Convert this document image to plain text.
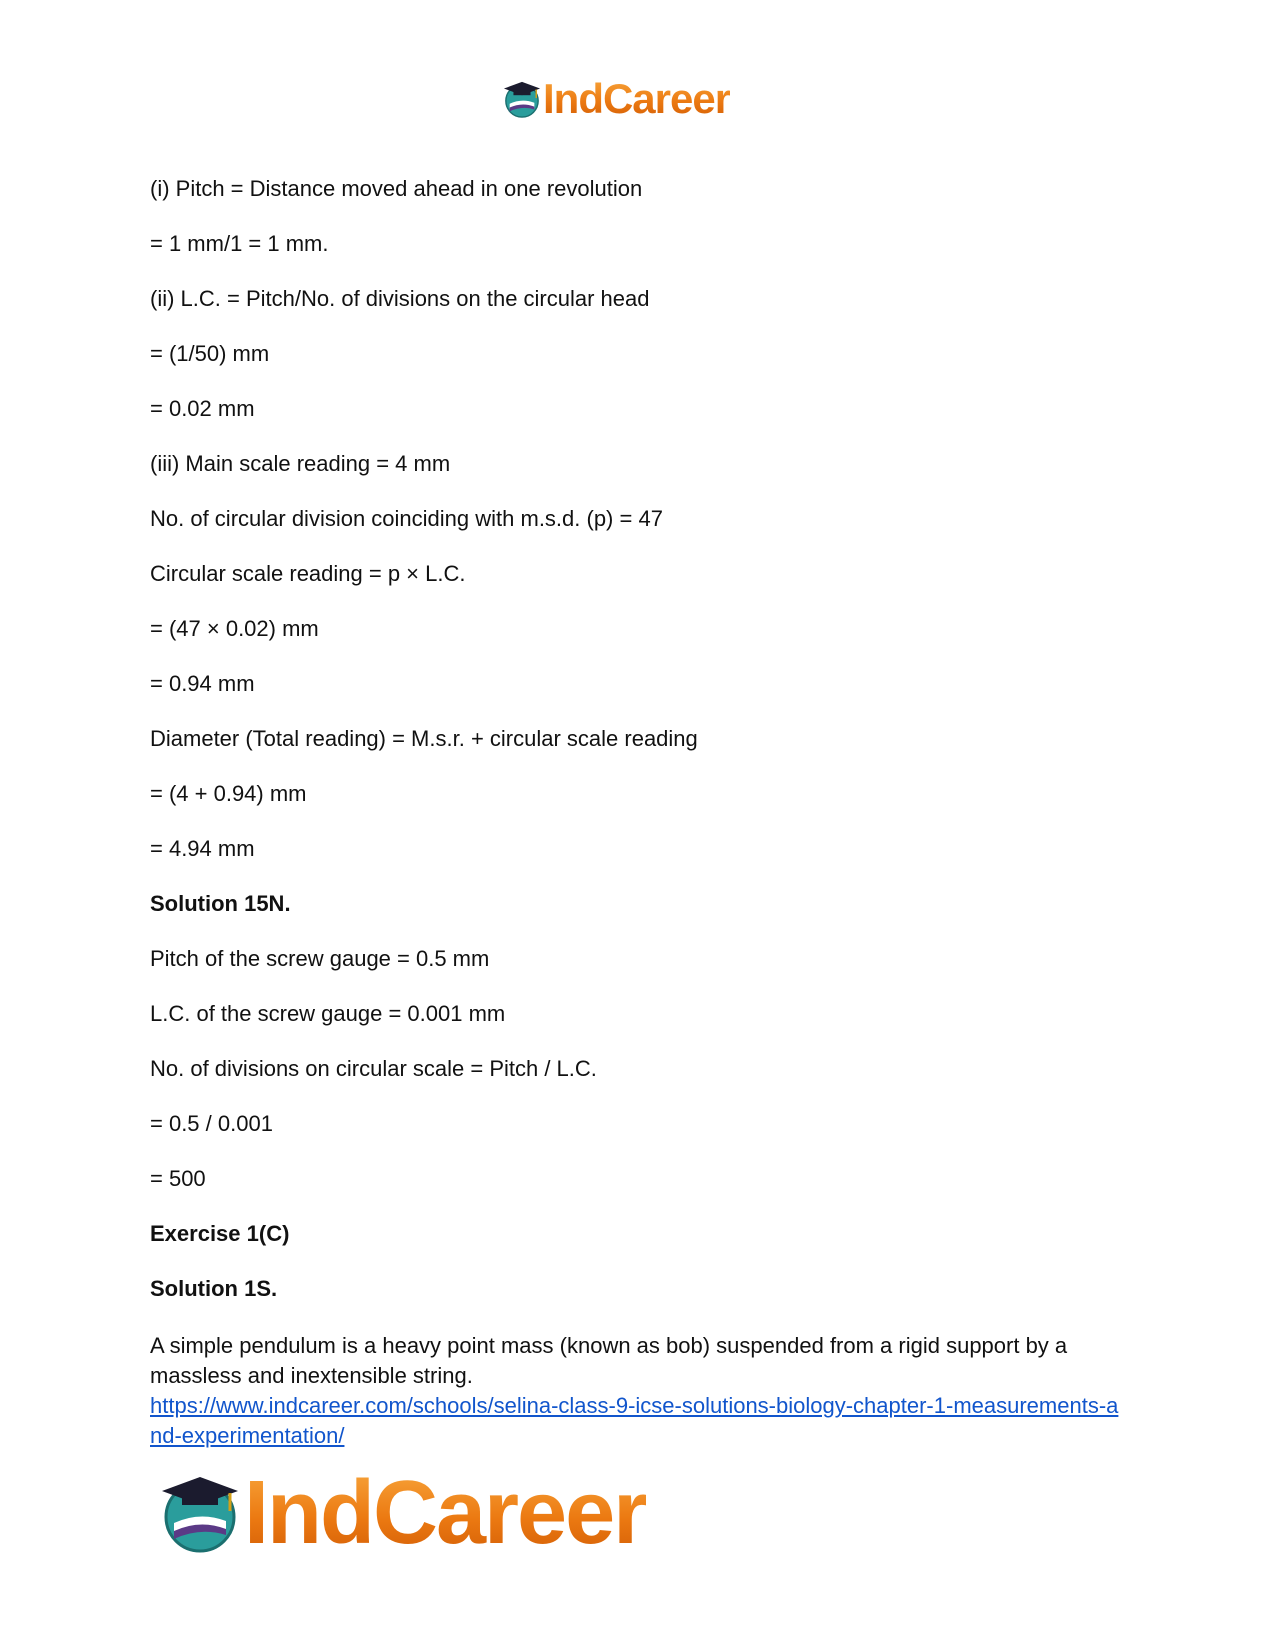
IndCareer
(i) Pitch = Distance moved ahead in one revolution
= 1 mm/1 = 1 mm.
(ii) L.C. = Pitch/No. of divisions on the circular head
= (1/50) mm
= 0.02 mm
(iii) Main scale reading = 4 mm
No. of circular division coinciding with m.s.d. (p) = 47
Circular scale reading = p × L.C.
= (47 × 0.02) mm
= 0.94 mm
Diameter (Total reading) = M.s.r. + circular scale reading
= (4 + 0.94) mm
= 4.94 mm
Solution 15N.
Pitch of the screw gauge = 0.5 mm
L.C. of the screw gauge = 0.001 mm
No. of divisions on circular scale = Pitch / L.C.
= 0.5 / 0.001
= 500
Exercise 1(C)
Solution 1S.

A simple pendulum is a heavy point mass (known as bob) suspended from a rigid support by a massless and inextensible string.

https://www.indcareer.com/schools/selina-class-9-icse-solutions-biology-chapter-1-measurements-and-experimentation/
IndCareer
